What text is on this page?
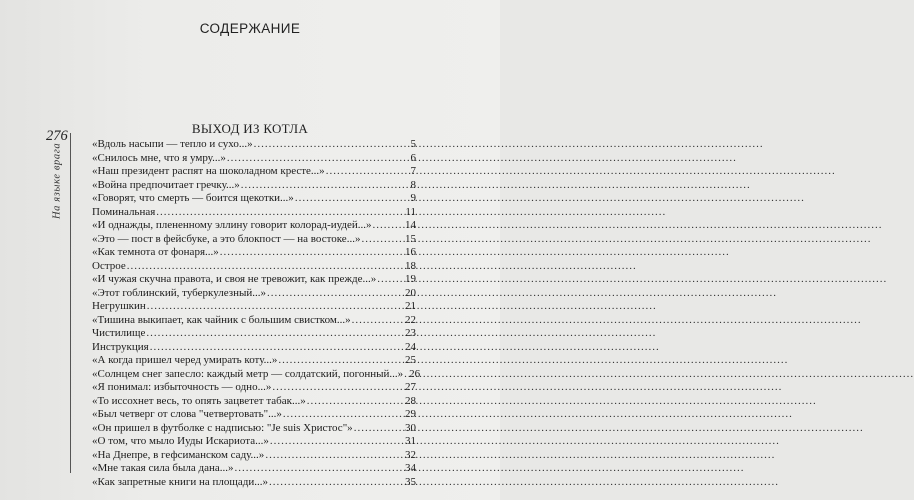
СОДЕРЖАНИЕ
276
На языке врага
ВЫХОД ИЗ КОТЛА
«Вдоль насыпи — тепло и сухо...» .....	5
«Снилось мне, что я умру...» .....	6
«Наш президент распят на шоколадном кресте...» .....	7
«Война предпочитает гречку...» .....	8
«Говорят, что смерть — боится щекотки...» .....	9
Поминальная .....	11
«И однажды, плененному эллину говорит колорад-иудей...» .....	14
«Это — пост в фейсбуке, а это блокпост — на востоке...» .....	15
«Как темнота от фонаря...» .....	16
Острое .....	18
«И чужая скучна правота, и своя не тревожит, как прежде...» .....	19
«Этот гоблинский, туберкулезный...» .....	20
Негрушкин .....	21
«Тишина выкипает, как чайник с большим свистком...» .....	22
Чистилище .....	23
Инструкция .....	24
«А когда пришел черед умирать коту...» .....	25
«Солнцем снег запесло: каждый метр — солдатский, погонный...» ..... 26
«Я понимал: избыточность — одно...» .....	27
«То иссохнет весь, то опять зацветет табак...» .....	28
«Был четверг от слова "четвертовать"...» .....	29
«Он пришел в футболке с надписью: "Je suis Христос"» .....	30
«О том, что мыло Иуды Искариота...» .....	31
«На Днепре, в гефсиманском саду...» .....	32
«Мне такая сила была дана...» .....	34
«Как запретные книги на площади...» .....	35
